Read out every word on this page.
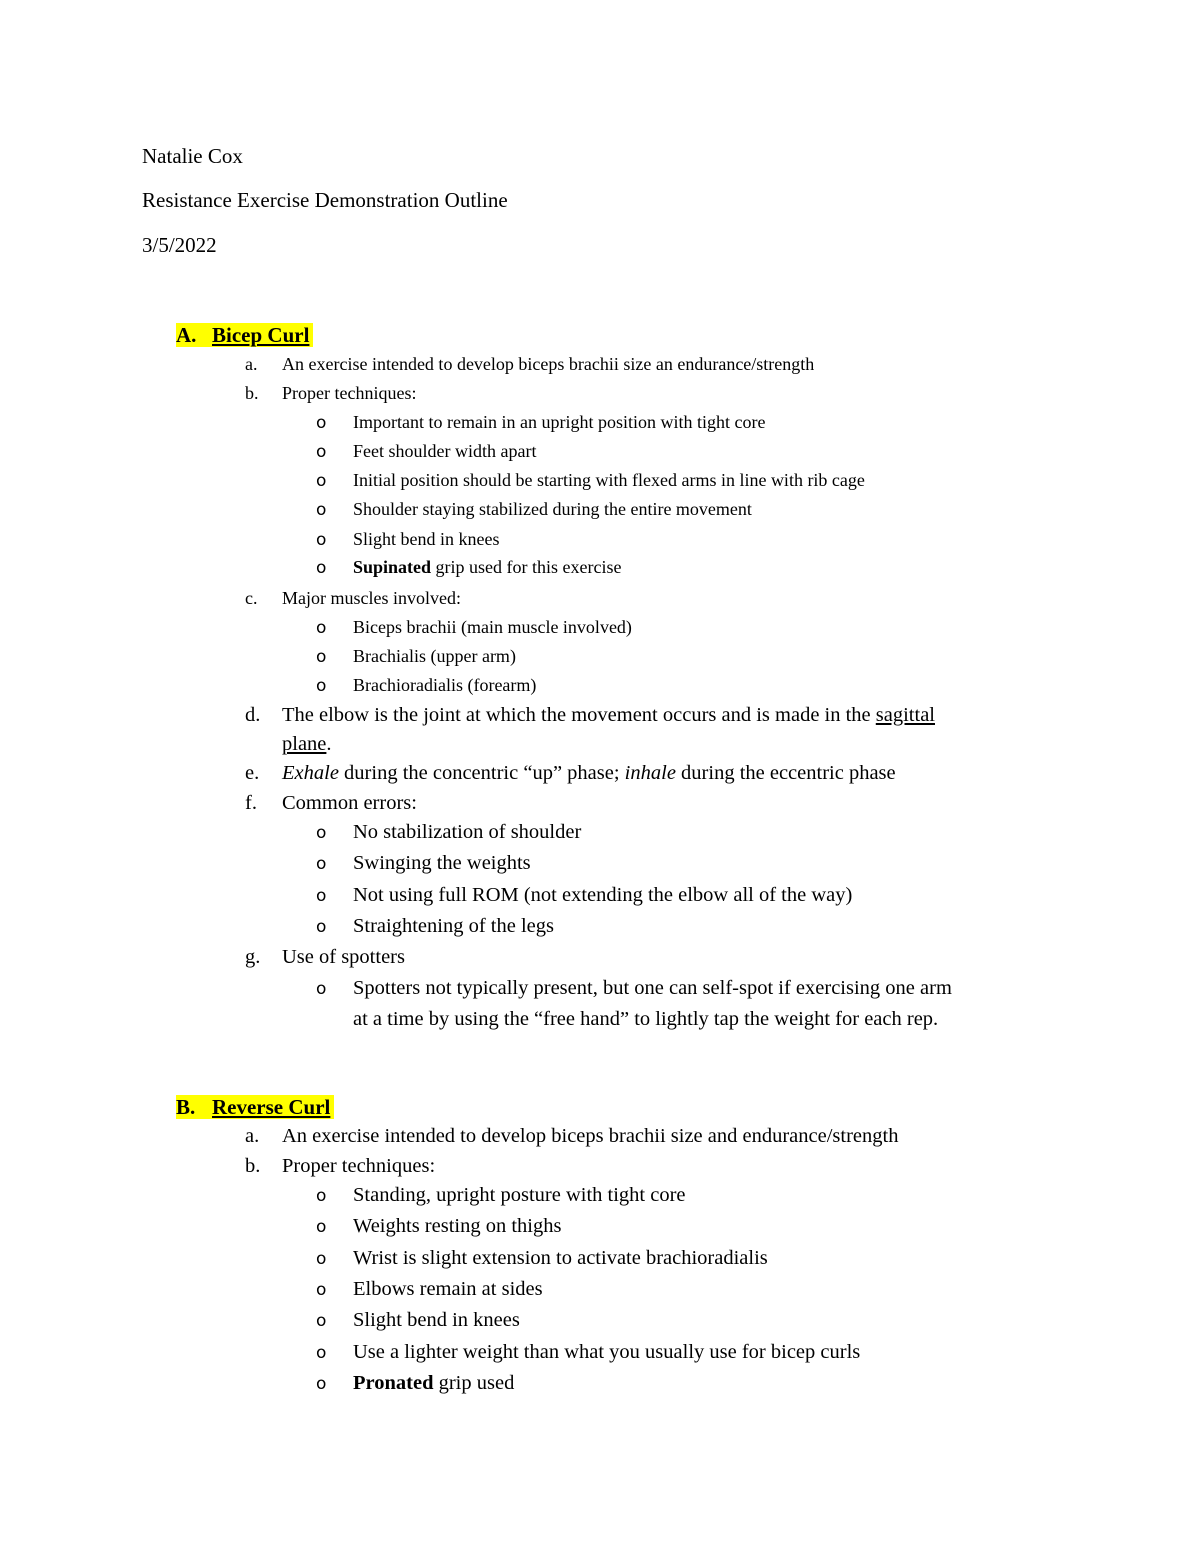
Natalie Cox
Resistance Exercise Demonstration Outline
3/5/2022
A. Bicep Curl
a. An exercise intended to develop biceps brachii size an endurance/strength
b. Proper techniques:
o Important to remain in an upright position with tight core
o Feet shoulder width apart
o Initial position should be starting with flexed arms in line with rib cage
o Shoulder staying stabilized during the entire movement
o Slight bend in knees
o Supinated grip used for this exercise
c. Major muscles involved:
o Biceps brachii (main muscle involved)
o Brachialis (upper arm)
o Brachioradialis (forearm)
d. The elbow is the joint at which the movement occurs and is made in the sagittal
plane.
e. Exhale during the concentric “up” phase; inhale during the eccentric phase
f. Common errors:
o No stabilization of shoulder
o Swinging the weights
o Not using full ROM (not extending the elbow all of the way)
o Straightening of the legs
g. Use of spotters
o Spotters not typically present, but one can self-spot if exercising one arm
at a time by using the “free hand” to lightly tap the weight for each rep.
B. Reverse Curl
a. An exercise intended to develop biceps brachii size and endurance/strength
b. Proper techniques:
o Standing, upright posture with tight core
o Weights resting on thighs
o Wrist is slight extension to activate brachioradialis
o Elbows remain at sides
o Slight bend in knees
o Use a lighter weight than what you usually use for bicep curls
o Pronated grip used
